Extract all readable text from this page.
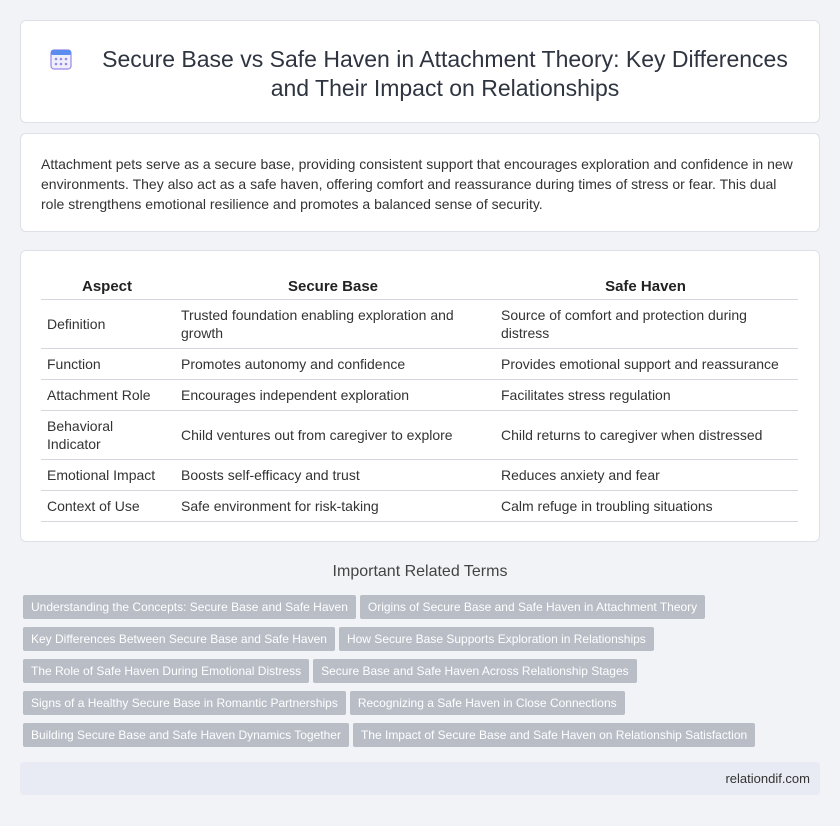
Secure Base vs Safe Haven in Attachment Theory: Key Differences and Their Impact on Relationships

Attachment pets serve as a secure base, providing consistent support that encourages exploration and confidence in new environments. They also act as a safe haven, offering comfort and reassurance during times of stress or fear. This dual role strengthens emotional resilience and promotes a balanced sense of security.

Aspect	Secure Base	Safe Haven
Definition	Trusted foundation enabling exploration and growth	Source of comfort and protection during distress
Function	Promotes autonomy and confidence	Provides emotional support and reassurance
Attachment Role	Encourages independent exploration	Facilitates stress regulation
Behavioral Indicator	Child ventures out from caregiver to explore	Child returns to caregiver when distressed
Emotional Impact	Boosts self-efficacy and trust	Reduces anxiety and fear
Context of Use	Safe environment for risk-taking	Calm refuge in troubling situations
Important Related Terms
Understanding the Concepts: Secure Base and Safe Haven Origins of Secure Base and Safe Haven in Attachment Theory
Key Differences Between Secure Base and Safe Haven How Secure Base Supports Exploration in Relationships
The Role of Safe Haven During Emotional Distress Secure Base and Safe Haven Across Relationship Stages
Signs of a Healthy Secure Base in Romantic Partnerships Recognizing a Safe Haven in Close Connections
Building Secure Base and Safe Haven Dynamics Together The Impact of Secure Base and Safe Haven on Relationship Satisfaction
relationdif.com
